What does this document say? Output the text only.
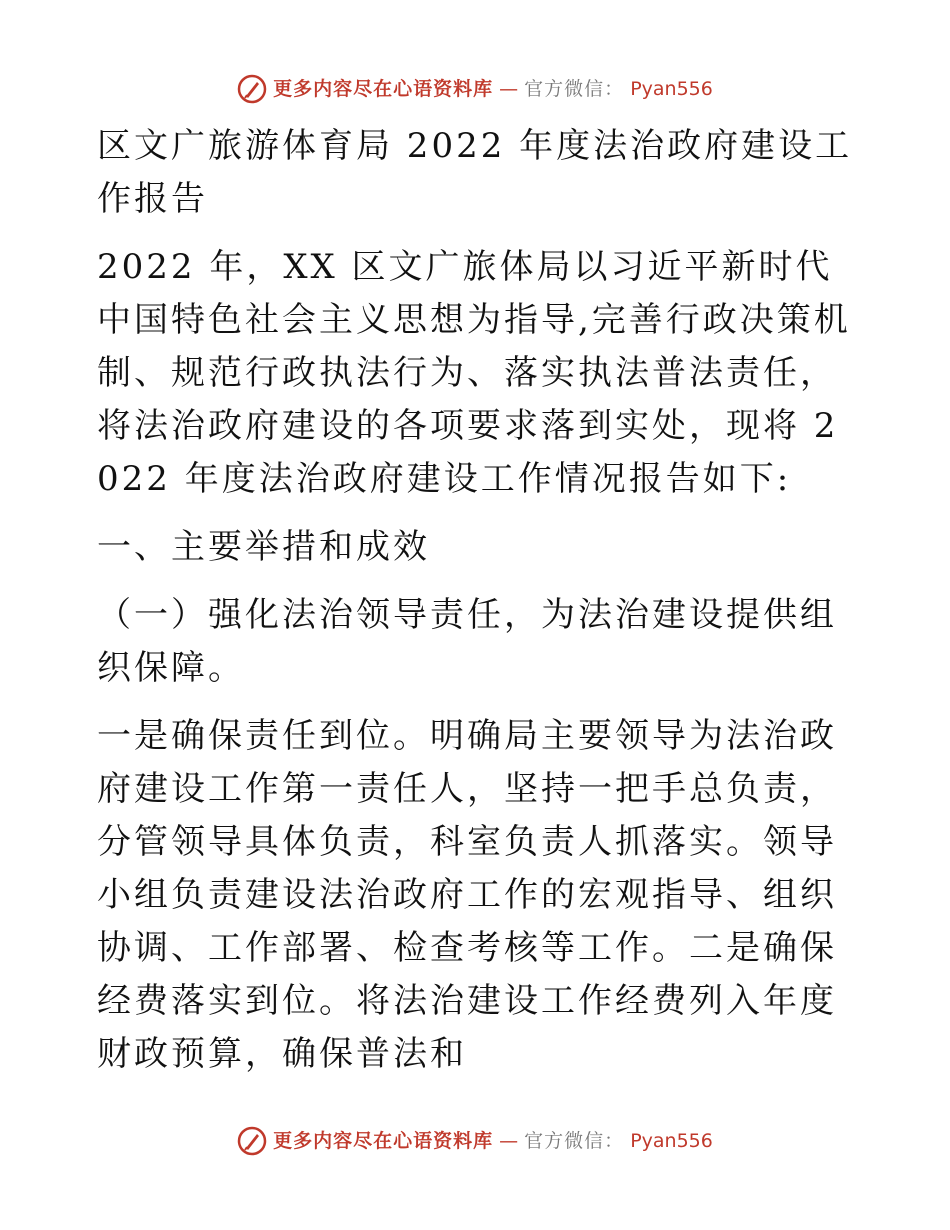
更多内容尽在心语资料库 — 官方微信： Pyan556

区文广旅游体育局 2022 年度法治政府建设工作报告

2022 年，XX 区文广旅体局以习近平新时代中国特色社会主义思想为指导,完善行政决策机制、规范行政执法行为、落实执法普法责任，将法治政府建设的各项要求落到实处，现将 2022 年度法治政府建设工作情况报告如下:

一、主要举措和成效

（一）强化法治领导责任，为法治建设提供组织保障。

一是确保责任到位。明确局主要领导为法治政府建设工作第一责任人，坚持一把手总负责，分管领导具体负责，科室负责人抓落实。领导小组负责建设法治政府工作的宏观指导、组织协调、工作部署、检查考核等工作。二是确保经费落实到位。将法治建设工作经费列入年度财政预算，确保普法和

更多内容尽在心语资料库 — 官方微信： Pyan556
